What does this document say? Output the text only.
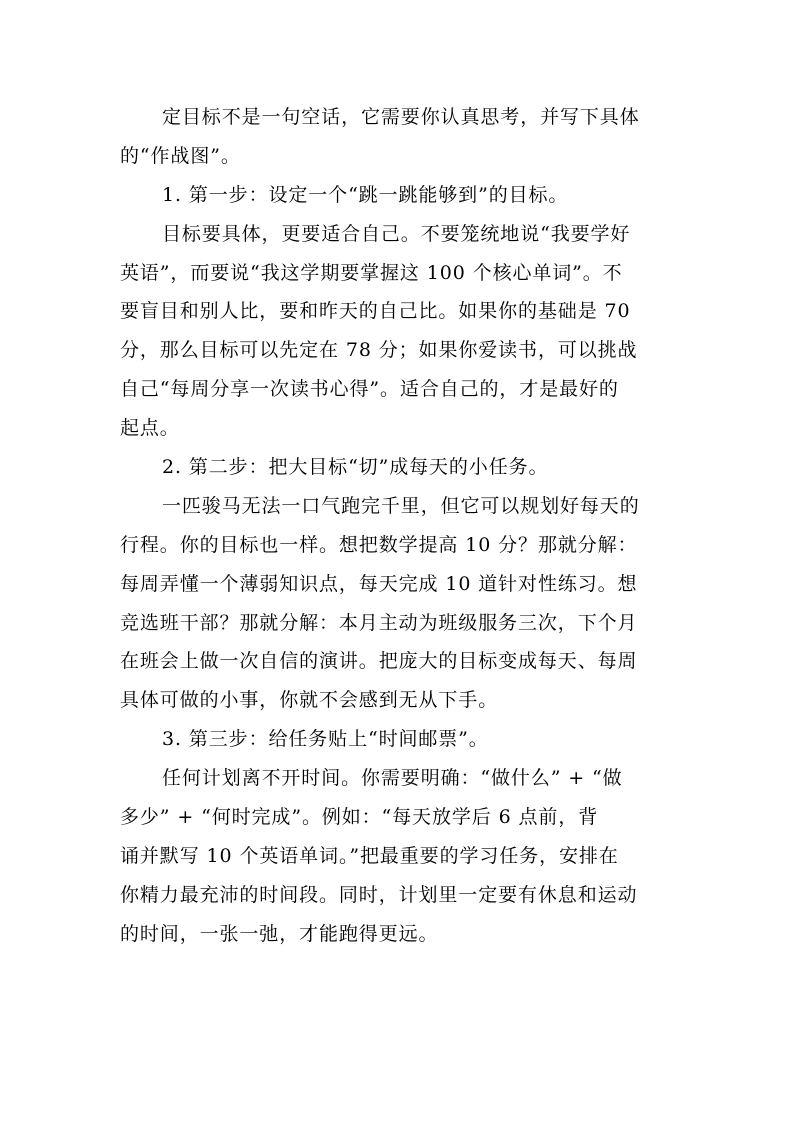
定目标不是一句空话，它需要你认真思考，并写下具体
的“作战图”。
1. 第一步：设定一个“跳一跳能够到”的目标。
目标要具体，更要适合自己。不要笼统地说“我要学好
英语”，而要说“我这学期要掌握这 100 个核心单词”。不
要盲目和别人比，要和昨天的自己比。如果你的基础是 70
分，那么目标可以先定在 78 分；如果你爱读书，可以挑战
自己“每周分享一次读书心得”。适合自己的，才是最好的
起点。
2. 第二步：把大目标“切”成每天的小任务。
一匹骏马无法一口气跑完千里，但它可以规划好每天的
行程。你的目标也一样。想把数学提高 10 分？那就分解：
每周弄懂一个薄弱知识点，每天完成 10 道针对性练习。想
竞选班干部？那就分解：本月主动为班级服务三次，下个月
在班会上做一次自信的演讲。把庞大的目标变成每天、每周
具体可做的小事，你就不会感到无从下手。
3. 第三步：给任务贴上“时间邮票”。
任何计划离不开时间。你需要明确：“做什么” + “做
多少” + “何时完成”。例如：“每天放学后 6 点前，背
诵并默写 10 个英语单词。”把最重要的学习任务，安排在
你精力最充沛的时间段。同时，计划里一定要有休息和运动
的时间，一张一弛，才能跑得更远。
